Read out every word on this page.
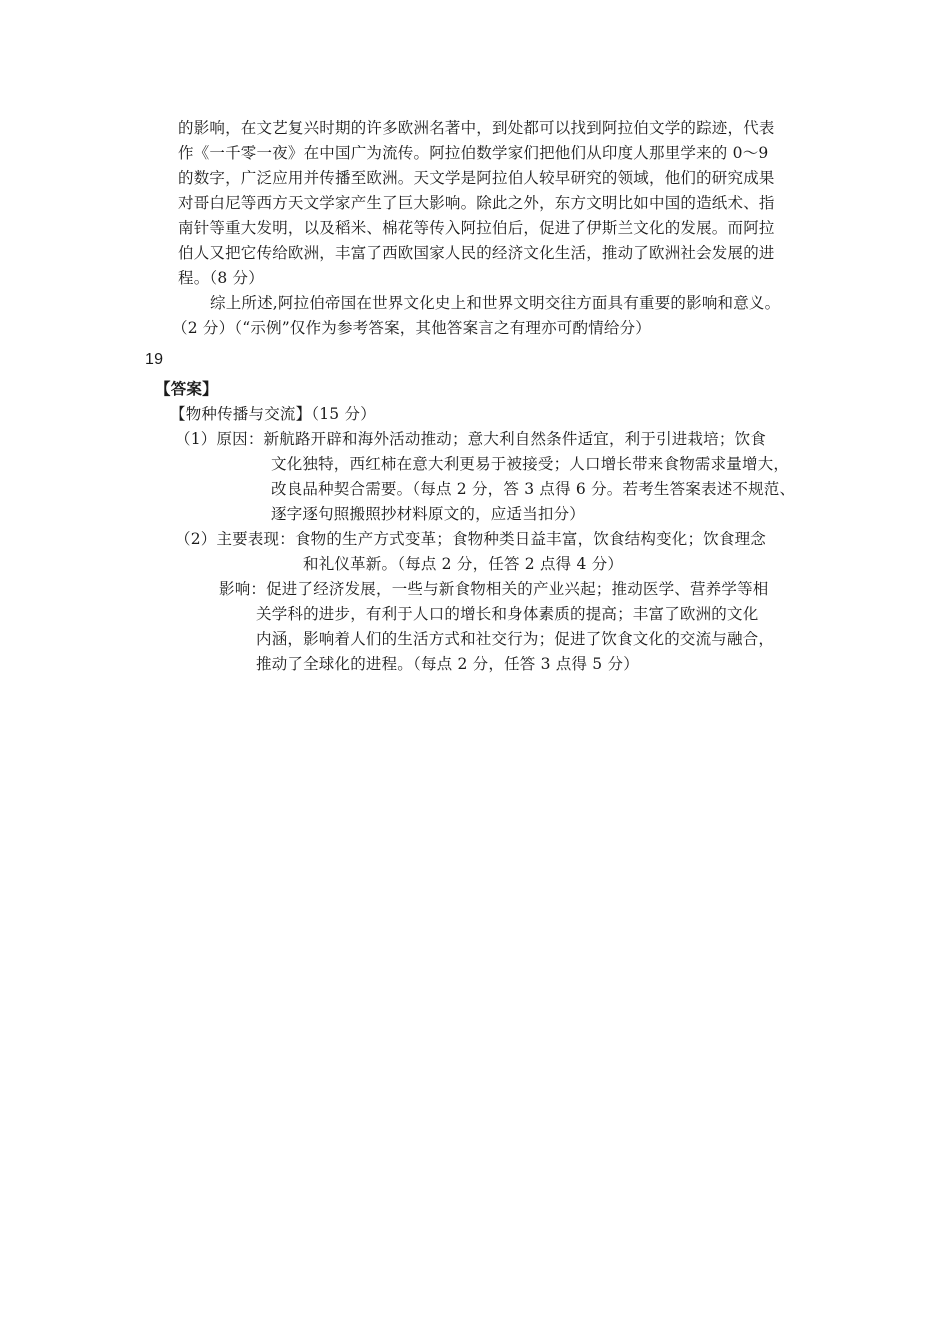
的影响，在文艺复兴时期的许多欧洲名著中，到处都可以找到阿拉伯文学的踪迹，代表
作《一千零一夜》在中国广为流传。阿拉伯数学家们把他们从印度人那里学来的 0～9
的数字，广泛应用并传播至欧洲。天文学是阿拉伯人较早研究的领域，他们的研究成果
对哥白尼等西方天文学家产生了巨大影响。除此之外，东方文明比如中国的造纸术、指
南针等重大发明，以及稻米、棉花等传入阿拉伯后，促进了伊斯兰文化的发展。而阿拉
伯人又把它传给欧洲，丰富了西欧国家人民的经济文化生活，推动了欧洲社会发展的进
程。（8 分）
综上所述,阿拉伯帝国在世界文化史上和世界文明交往方面具有重要的影响和意义。
（2 分）（“示例”仅作为参考答案，其他答案言之有理亦可酌情给分）
19
【答案】
【物种传播与交流】（15 分）
（1）原因：新航路开辟和海外活动推动；意大利自然条件适宜，利于引进栽培；饮食
文化独特，西红柿在意大利更易于被接受；人口增长带来食物需求量增大，
改良品种契合需要。（每点 2 分，答 3 点得 6 分。若考生答案表述不规范、
逐字逐句照搬照抄材料原文的，应适当扣分）
（2）主要表现：食物的生产方式变革；食物种类日益丰富，饮食结构变化；饮食理念
和礼仪革新。（每点 2 分，任答 2 点得 4 分）
影响：促进了经济发展，一些与新食物相关的产业兴起；推动医学、营养学等相
关学科的进步，有利于人口的增长和身体素质的提高；丰富了欧洲的文化
内涵，影响着人们的生活方式和社交行为；促进了饮食文化的交流与融合，
推动了全球化的进程。（每点 2 分，任答 3 点得 5 分）
